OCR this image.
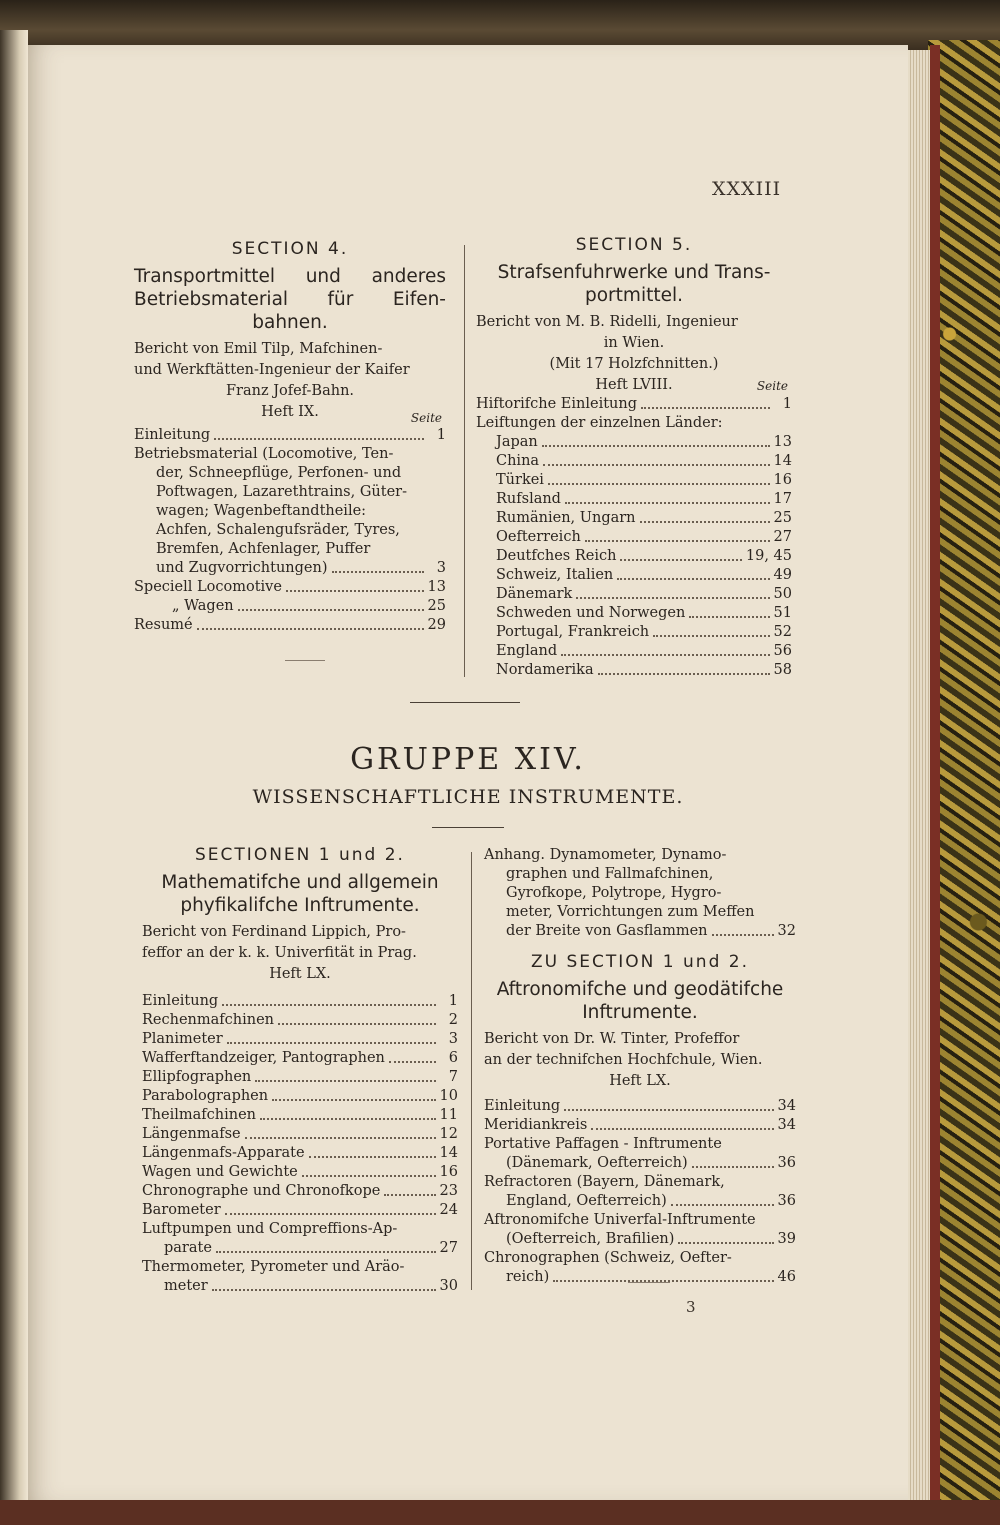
XXXIII
SECTION 4.
Transportmittel und anderes Betriebsmaterial für Eifen-bahnen.
Bericht von Emil Tilp, Mafchinen-
und Werkftätten-Ingenieur der Kaifer
Franz Jofef-Bahn.
Heft IX.	Seite
Einleitung	1
Betriebsmaterial (Locomotive, Ten-
der, Schneepflüge, Perfonen- und
Poftwagen, Lazarethtrains, Güter-
wagen; Wagenbeftandtheile:
Achfen, Schalengufsräder, Tyres,
Bremfen, Achfenlager, Puffer
und Zugvorrichtungen)	3
Speciell Locomotive	13
„ Wagen	25
Resumé	29
SECTION 5.
Strafsenfuhrwerke und Trans-portmittel.
Bericht von M. B. Ridelli, Ingenieur
in Wien.
(Mit 17 Holzfchnitten.)
Heft LVIII.	Seite
Hiftorifche Einleitung	1
Leiftungen der einzelnen Länder:
Japan	13
China	14
Türkei	16
Rufsland	17
Rumänien, Ungarn	25
Oefterreich	27
Deutfches Reich	19, 45
Schweiz, Italien	49
Dänemark	50
Schweden und Norwegen	51
Portugal, Frankreich	52
England	56
Nordamerika	58
GRUPPE XIV.
WISSENSCHAFTLICHE INSTRUMENTE.
SECTIONEN 1 und 2.
Mathematifche und allgemein phyfikalifche Inftrumente.
Bericht von Ferdinand Lippich, Pro-
feffor an der k. k. Univerfität in Prag.
Heft LX.
Einleitung	1
Rechenmafchinen	2
Planimeter	3
Wafferftandzeiger, Pantographen	6
Ellipfographen	7
Parabolographen	10
Theilmafchinen	11
Längenmafse	12
Längenmafs-Apparate	14
Wagen und Gewichte	16
Chronographe und Chronofkope	23
Barometer	24
Luftpumpen und Compreffions-Ap-
parate	27
Thermometer, Pyrometer und Aräo-
meter	30
Anhang. Dynamometer, Dynamo-
graphen und Fallmafchinen,
Gyrofkope, Polytrope, Hygro-
meter, Vorrichtungen zum Meffen
der Breite von Gasflammen	32
ZU SECTION 1 und 2.
Aftronomifche und geodätifche Inftrumente.
Bericht von Dr. W. Tinter, Profeffor
an der technifchen Hochfchule, Wien.
Heft LX.
Einleitung	34
Meridiankreis	34
Portative Paffagen - Inftrumente
(Dänemark, Oefterreich)	36
Refractoren (Bayern, Dänemark,
England, Oefterreich)	36
Aftronomifche Univerfal-Inftrumente
(Oefterreich, Brafilien)	39
Chronographen (Schweiz, Oefter-
reich)	46
3
